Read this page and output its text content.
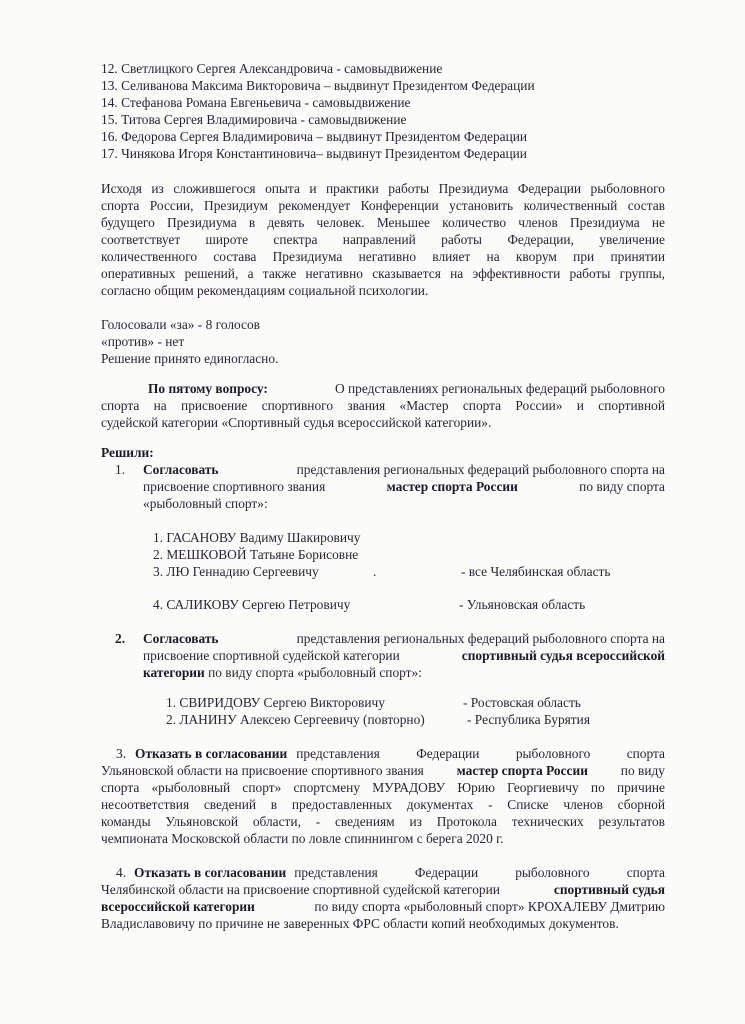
12. Светлицкого Сергея Александровича - самовыдвижение
13. Селиванова Максима Викторовича – выдвинут Президентом Федерации
14. Стефанова Романа Евгеньевича - самовыдвижение
15. Титова Сергея Владимировича - самовыдвижение
16. Федорова Сергея Владимировича – выдвинут Президентом Федерации
17. Чинякова Игоря Константиновича– выдвинут Президентом Федерации
Исходя из сложившегося опыта и практики работы Президиума Федерации рыболовного
спорта России, Президиум рекомендует Конференции установить количественный состав
будущего Президиума в девять человек. Меньшее количество членов Президиума не
соответствует широте спектра направлений работы Федерации, увеличение
количественного состава Президиума негативно влияет на кворум при принятии
оперативных решений, а также негативно сказывается на эффективности работы группы,
согласно общим рекомендациям социальной психологии.
Голосовали «за» - 8 голосов
«против» - нет
Решение принято единогласно.
По пятому вопросу:	О представлениях региональных федераций рыболовного
спорта на присвоение спортивного звания «Мастер спорта России» и спортивной
судейской категории «Спортивный судья всероссийской категории».
Решили:
1. Согласовать	представления региональных федераций рыболовного спорта на
присвоение спортивного звания	мастер спорта России	по виду спорта
«рыболовный спорт»:
1. ГАСАНОВУ Вадиму Шакировичу
2. МЕШКОВОЙ Татьяне Борисовне
3. ЛЮ Геннадию Сергеевичу	.	- все Челябинская область
4. САЛИКОВУ Сергею Петровичу	- Ульяновская область
2. Согласовать	представления региональных федераций рыболовного спорта на
присвоение спортивной судейской категории	спортивный судья всероссийской
категории по виду спорта «рыболовный спорт»:
1. СВИРИДОВУ Сергею Викторовичу	- Ростовская область
2. ЛАНИНУ Алексею Сергеевичу (повторно)	- Республика Бурятия
3. Отказать в согласовании представления Федерации рыболовного спорта
Ульяновской области на присвоение спортивного звания мастер спорта России по виду
спорта «рыболовный спорт» спортсмену МУРАДОВУ Юрию Георгиевичу по причине
несоответствия сведений в предоставленных документах - Списке членов сборной
команды Ульяновской области, - сведениям из Протокола технических результатов
чемпионата Московской области по ловле спиннингом с берега 2020 г.
4. Отказать в согласовании представления Федерации рыболовного спорта
Челябинской области на присвоение спортивной судейской категории	спортивный судья
всероссийской категории	по виду спорта «рыболовный спорт» КРОХАЛЕВУ Дмитрию
Владиславовичу по причине не заверенных ФРС области копий необходимых документов.
